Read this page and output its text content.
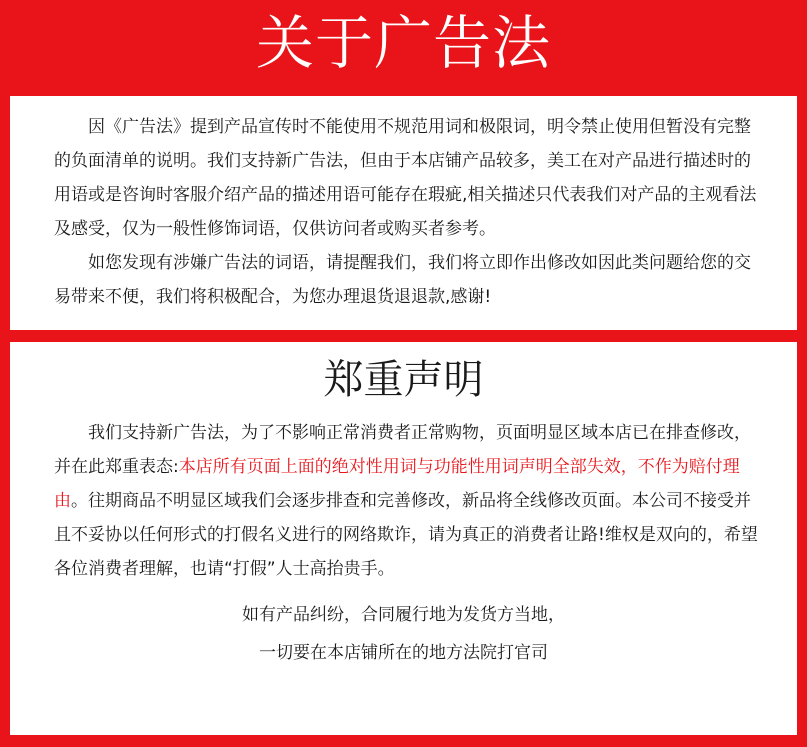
关于广告法

因《广告法》提到产品宣传时不能使用不规范用词和极限词，明令禁止使用但暂没有完整的负面清单的说明。我们支持新广告法，但由于本店铺产品较多，美工在对产品进行描述时的用语或是咨询时客服介绍产品的描述用语可能存在瑕疵,相关描述只代表我们对产品的主观看法及感受，仅为一般性修饰词语，仅供访问者或购买者参考。

如您发现有涉嫌广告法的词语，请提醒我们，我们将立即作出修改如因此类问题给您的交易带来不便，我们将积极配合，为您办理退货退退款,感谢!

郑重声明

我们支持新广告法，为了不影响正常消费者正常购物，页面明显区域本店已在排查修改，并在此郑重表态:本店所有页面上面的绝对性用词与功能性用词声明全部失效，不作为赔付理由。往期商品不明显区域我们会逐步排查和完善修改，新品将全线修改页面。本公司不接受并且不妥协以任何形式的打假名义进行的网络欺诈，请为真正的消费者让路!维权是双向的，希望各位消费者理解，也请“打假”人士高抬贵手。

如有产品纠纷，合同履行地为发货方当地，

一切要在本店铺所在的地方法院打官司
